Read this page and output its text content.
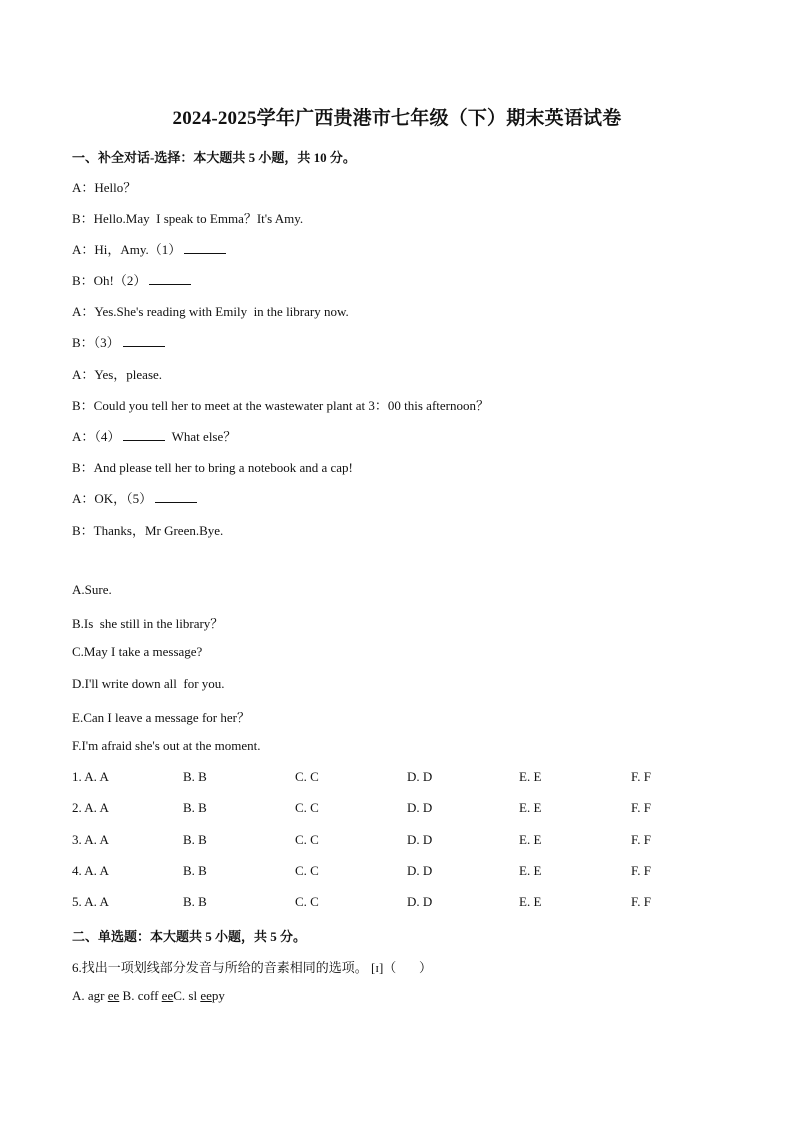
2024-2025学年广西贵港市七年级（下）期末英语试卷
一、补全对话-选择：本大题共 5 小题，共 10 分。
A：Hello？
B：Hello.May  I speak to Emma？It's Amy.
A：Hi，Amy.（1）
B：Oh!（2）
A：Yes.She's reading with Emily  in the library now.
B：（3）
A：Yes，please.
B：Could you tell her to meet at the wastewater plant at 3：00 this afternoon？
A：（4）	What else？
B：And please tell her to bring a notebook and a cap!
A：OK，（5）
B：Thanks，Mr Green.Bye.
A.Sure.
B.Is  she still in the library？
C.May I take a message?
D.I'll write down all  for you.
E.Can I leave a message for her？
F.I'm afraid she's out at the moment.
1. A. A	B. B	C. C	D. D	E. E	F. F
2. A. A	B. B	C. C	D. D	E. E	F. F
3. A. A	B. B	C. C	D. D	E. E	F. F
4. A. A	B. B	C. C	D. D	E. E	F. F
5. A. A	B. B	C. C	D. D	E. E	F. F
二、单选题：本大题共 5 小题，共 5 分。
6.找出一项划线部分发音与所给的音素相同的选项。 [ɪ]（       ）
A. agr ee B. coff eeC. sl eepy
